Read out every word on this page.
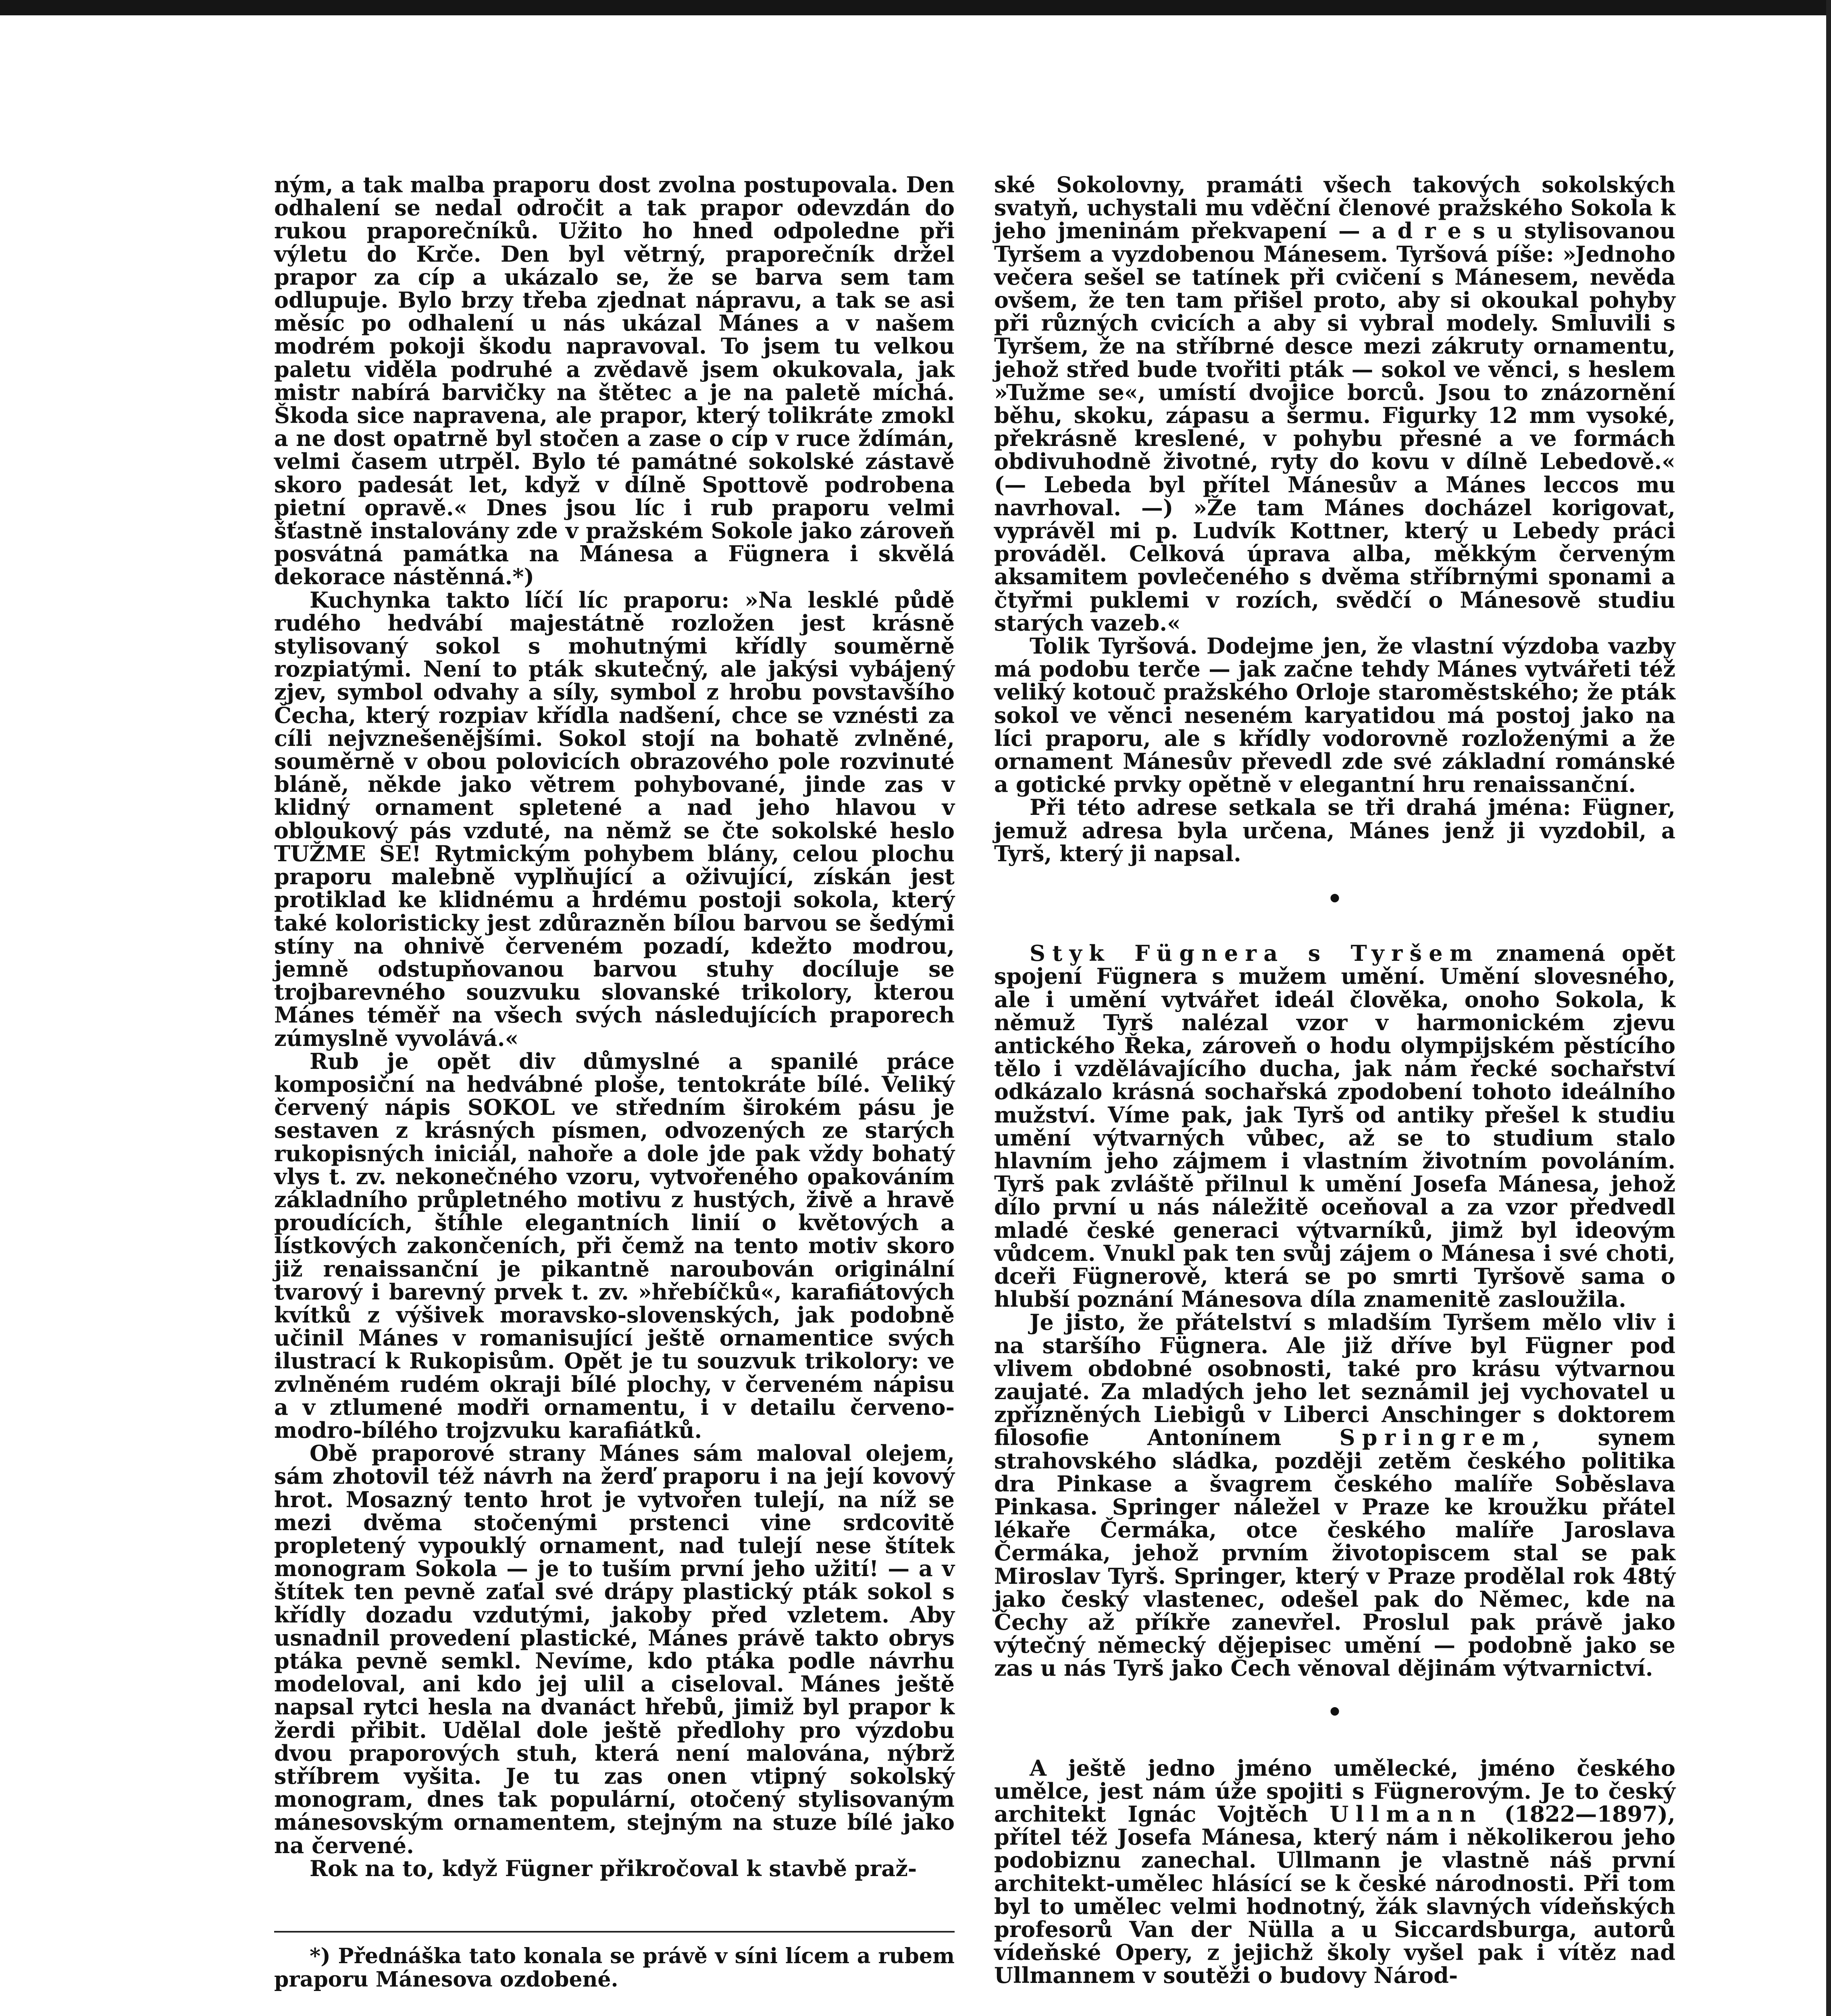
ným, a tak malba praporu dost zvolna postupovala. Den odhalení se nedal odročit a tak prapor odevzdán do rukou praporečníků. Užito ho hned odpoledne při výletu do Krče. Den byl větrný, praporečník držel prapor za cíp a ukázalo se, že se barva sem tam odlupuje. Bylo brzy třeba zjednat nápravu, a tak se asi měsíc po odhalení u nás ukázal Mánes a v našem modrém pokoji škodu napravoval. To jsem tu velkou paletu viděla podruhé a zvědavě jsem okukovala, jak mistr nabírá barvičky na štětec a je na paletě míchá. Škoda sice napravena, ale prapor, který tolikráte zmokl a ne dost opatrně byl stočen a zase o cíp v ruce ždímán, velmi časem utrpěl. Bylo té památné sokolské zástavě skoro padesát let, když v dílně Spottově podrobena pietní opravě.« Dnes jsou líc i rub praporu velmi šťastně instalovány zde v pražském Sokole jako zároveň posvátná památka na Mánesa a Fügnera i skvělá dekorace nástěnná.*)

Kuchynka takto líčí líc praporu: »Na lesklé půdě rudého hedvábí majestátně rozložen jest krásně stylisovaný sokol s mohutnými křídly souměrně rozpiatými. Není to pták skutečný, ale jakýsi vybájený zjev, symbol odvahy a síly, symbol z hrobu povstavšího Čecha, který rozpiav křídla nadšení, chce se vznésti za cíli nejvznešenějšími. Sokol stojí na bohatě zvlněné, souměrně v obou polovicích obrazového pole rozvinuté bláně, někde jako větrem pohybované, jinde zas v klidný ornament spletené a nad jeho hlavou v obloukový pás vzduté, na němž se čte sokolské heslo TUŽME SE! Rytmickým pohybem blány, celou plochu praporu malebně vyplňující a oživující, získán jest protiklad ke klidnému a hrdému postoji sokola, který také koloristicky jest zdůrazněn bílou barvou se šedými stíny na ohnivě červeném pozadí, kdežto modrou, jemně odstupňovanou barvou stuhy docíluje se trojbarevného souzvuku slovanské trikolory, kterou Mánes téměř na všech svých následujících praporech zúmyslně vyvolává.«

Rub je opět div důmyslné a spanilé práce komposiční na hedvábné ploše, tentokráte bílé. Veliký červený nápis SOKOL ve středním širokém pásu je sestaven z krásných písmen, odvozených ze starých rukopisných iniciál, nahoře a dole jde pak vždy bohatý vlys t. zv. nekonečného vzoru, vytvořeného opakováním základního průpletného motivu z hustých, živě a hravě proudících, štíhle elegantních linií o květových a lístkových zakončeních, při čemž na tento motiv skoro již renaissanční je pikantně naroubován originální tvarový i barevný prvek t. zv. »hřebíčků«, karafiátových kvítků z výšivek moravsko-slovenských, jak podobně učinil Mánes v romanisující ještě ornamentice svých ilustrací k Rukopisům. Opět je tu souzvuk trikolory: ve zvlněném rudém okraji bílé plochy, v červeném nápisu a v ztlumené modři ornamentu, i v detailu červeno-modro-bílého trojzvuku karafiátků.

Obě praporové strany Mánes sám maloval olejem, sám zhotovil též návrh na žerď praporu i na její kovový hrot. Mosazný tento hrot je vytvořen tulejí, na níž se mezi dvěma stočenými prstenci vine srdcovitě propletený vypouklý ornament, nad tulejí nese štítek monogram Sokola — je to tuším první jeho užití! — a v štítek ten pevně zaťal své drápy plastický pták sokol s křídly dozadu vzdutými, jakoby před vzletem. Aby usnadnil provedení plastické, Mánes právě takto obrys ptáka pevně semkl. Nevíme, kdo ptáka podle návrhu modeloval, ani kdo jej ulil a ciseloval. Mánes ještě napsal rytci hesla na dvanáct hřebů, jimiž byl prapor k žerdi přibit. Udělal dole ještě předlohy pro výzdobu dvou praporových stuh, která není malována, nýbrž stříbrem vyšita. Je tu zas onen vtipný sokolský monogram, dnes tak populární, otočený stylisovaným mánesovským ornamentem, stejným na stuze bílé jako na červené.

Rok na to, když Fügner přikročoval k stavbě praž-

*) Přednáška tato konala se právě v síni lícem a rubem praporu Mánesova ozdobené.

ské Sokolovny, pramáti všech takových sokolských svatyň, uchystali mu vděční členové pražského Sokola k jeho jmeninám překvapení — a d r e s u stylisovanou Tyršem a vyzdobenou Mánesem. Tyršová píše: »Jednoho večera sešel se tatínek při cvičení s Mánesem, nevěda ovšem, že ten tam přišel proto, aby si okoukal pohyby při různých cvicích a aby si vybral modely. Smluvili s Tyršem, že na stříbrné desce mezi zákruty ornamentu, jehož střed bude tvořiti pták — sokol ve věnci, s heslem »Tužme se«, umístí dvojice borců. Jsou to znázornění běhu, skoku, zápasu a šermu. Figurky 12 mm vysoké, překrásně kreslené, v pohybu přesné a ve formách obdivuhodně životné, ryty do kovu v dílně Lebedově.« (— Lebeda byl přítel Mánesův a Mánes leccos mu navrhoval. —) »Že tam Mánes docházel korigovat, vyprávěl mi p. Ludvík Kottner, který u Lebedy práci prováděl. Celková úprava alba, měkkým červeným aksamitem povlečeného s dvěma stříbrnými sponami a čtyřmi puklemi v rozích, svědčí o Mánesově studiu starých vazeb.«

Tolik Tyršová. Dodejme jen, že vlastní výzdoba vazby má podobu terče — jak začne tehdy Mánes vytvářeti též veliký kotouč pražského Orloje staroměstského; že pták sokol ve věnci neseném karyatidou má postoj jako na líci praporu, ale s křídly vodorovně rozloženými a že ornament Mánesův převedl zde své základní románské a gotické prvky opětně v elegantní hru renaissanční.

Při této adrese setkala se tři drahá jména: Fügner, jemuž adresa byla určena, Mánes jenž ji vyzdobil, a Tyrš, který ji napsal.

•

Styk Fügnera s Tyršem znamená opět spojení Fügnera s mužem umění. Umění slovesného, ale i umění vytvářet ideál člověka, onoho Sokola, k němuž Tyrš nalézal vzor v harmonickém zjevu antického Řeka, zároveň o hodu olympijském pěstícího tělo i vzdělávajícího ducha, jak nám řecké sochařství odkázalo krásná sochařská zpodobení tohoto ideálního mužství. Víme pak, jak Tyrš od antiky přešel k studiu umění výtvarných vůbec, až se to studium stalo hlavním jeho zájmem i vlastním životním povoláním. Tyrš pak zvláště přilnul k umění Josefa Mánesa, jehož dílo první u nás náležitě oceňoval a za vzor předvedl mladé české generaci výtvarníků, jimž byl ideovým vůdcem. Vnukl pak ten svůj zájem o Mánesa i své choti, dceři Fügnerově, která se po smrti Tyršově sama o hlubší poznání Mánesova díla znamenitě zasloužila.

Je jisto, že přátelství s mladším Tyršem mělo vliv i na staršího Fügnera. Ale již dříve byl Fügner pod vlivem obdobné osobnosti, také pro krásu výtvarnou zaujaté. Za mladých jeho let seznámil jej vychovatel u zpřízněných Liebigů v Liberci Anschinger s doktorem filosofie Antonínem Springrem, synem strahovského sládka, později zetěm českého politika dra Pinkase a švagrem českého malíře Soběslava Pinkasa. Springer náležel v Praze ke kroužku přátel lékaře Čermáka, otce českého malíře Jaroslava Čermáka, jehož prvním životopiscem stal se pak Miroslav Tyrš. Springer, který v Praze prodělal rok 48tý jako český vlastenec, odešel pak do Němec, kde na Čechy až příkře zanevřel. Proslul pak právě jako výtečný německý dějepisec umění — podobně jako se zas u nás Tyrš jako Čech věnoval dějinám výtvarnictví.

•

A ještě jedno jméno umělecké, jméno českého umělce, jest nám úže spojiti s Fügnerovým. Je to český architekt Ignác Vojtěch Ullmann (1822—1897), přítel též Josefa Mánesa, který nám i několikerou jeho podobiznu zanechal. Ullmann je vlastně náš první architekt-umělec hlásící se k české národnosti. Při tom byl to umělec velmi hodnotný, žák slavných vídeňských profesorů Van der Nülla a u Siccardsburga, autorů vídeňské Opery, z jejichž školy vyšel pak i vítěz nad Ullmannem v soutěži o budovy Národ-
